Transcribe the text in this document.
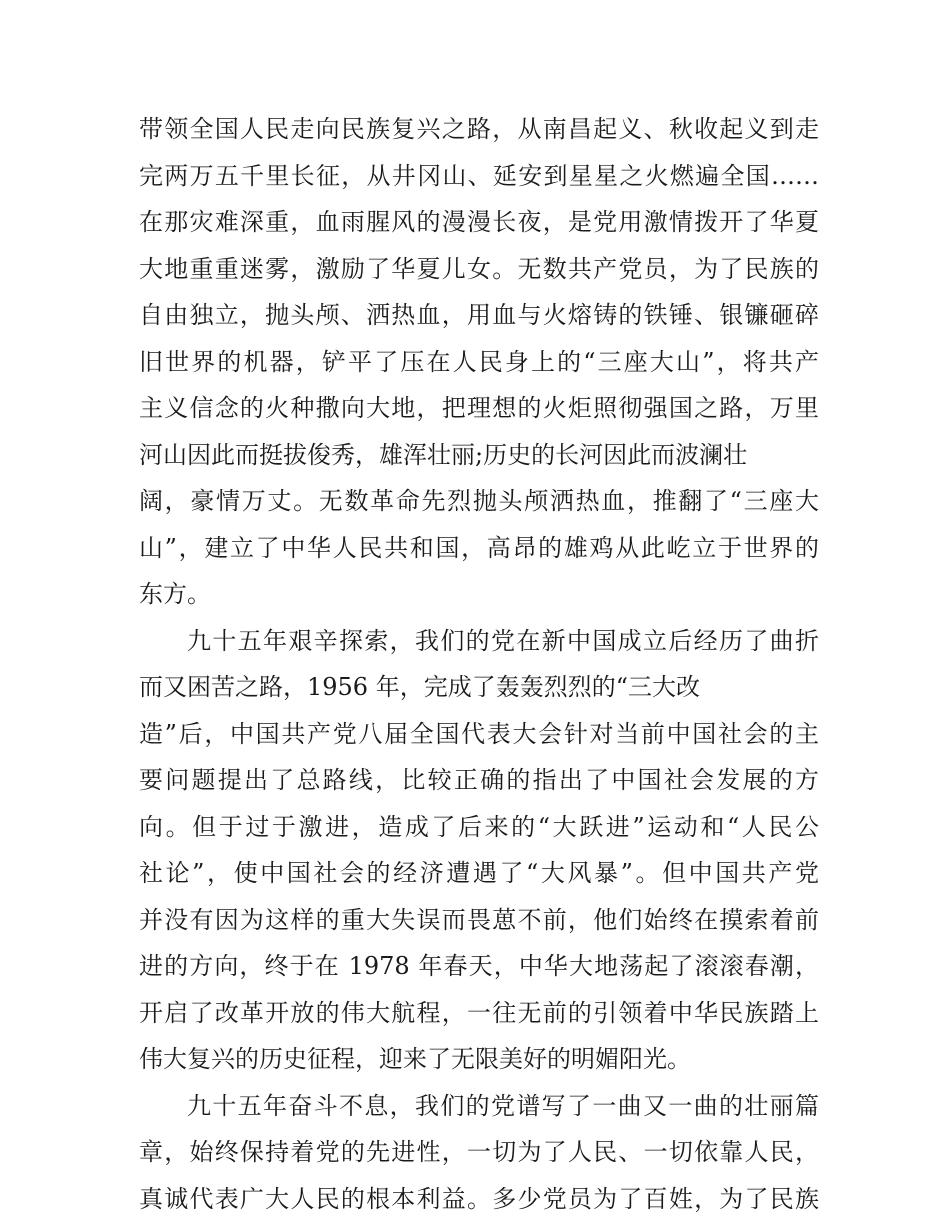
带领全国人民走向民族复兴之路，从南昌起义、秋收起义到走
完两万五千里长征，从井冈山、延安到星星之火燃遍全国……
在那灾难深重，血雨腥风的漫漫长夜，是党用激情拨开了华夏
大地重重迷雾，激励了华夏儿女。无数共产党员，为了民族的
自由独立，抛头颅、洒热血，用血与火熔铸的铁锤、银镰砸碎
旧世界的机器，铲平了压在人民身上的“三座大山”，将共产
主义信念的火种撒向大地，把理想的火炬照彻强国之路，万里
河山因此而挺拔俊秀，雄浑壮丽;历史的长河因此而波澜壮
阔，豪情万丈。无数革命先烈抛头颅洒热血，推翻了“三座大
山”，建立了中华人民共和国，高昂的雄鸡从此屹立于世界的
东方。
九十五年艰辛探索，我们的党在新中国成立后经历了曲折
而又困苦之路，1956 年，完成了轰轰烈烈的“三大改
造”后，中国共产党八届全国代表大会针对当前中国社会的主
要问题提出了总路线，比较正确的指出了中国社会发展的方
向。但于过于激进，造成了后来的“大跃进”运动和“人民公
社论”，使中国社会的经济遭遇了“大风暴”。但中国共产党
并没有因为这样的重大失误而畏葸不前，他们始终在摸索着前
进的方向，终于在 1978 年春天，中华大地荡起了滚滚春潮，
开启了改革开放的伟大航程，一往无前的引领着中华民族踏上
伟大复兴的历史征程，迎来了无限美好的明媚阳光。
九十五年奋斗不息，我们的党谱写了一曲又一曲的壮丽篇
章，始终保持着党的先进性，一切为了人民、一切依靠人民，
真诚代表广大人民的根本利益。多少党员为了百姓，为了民族
